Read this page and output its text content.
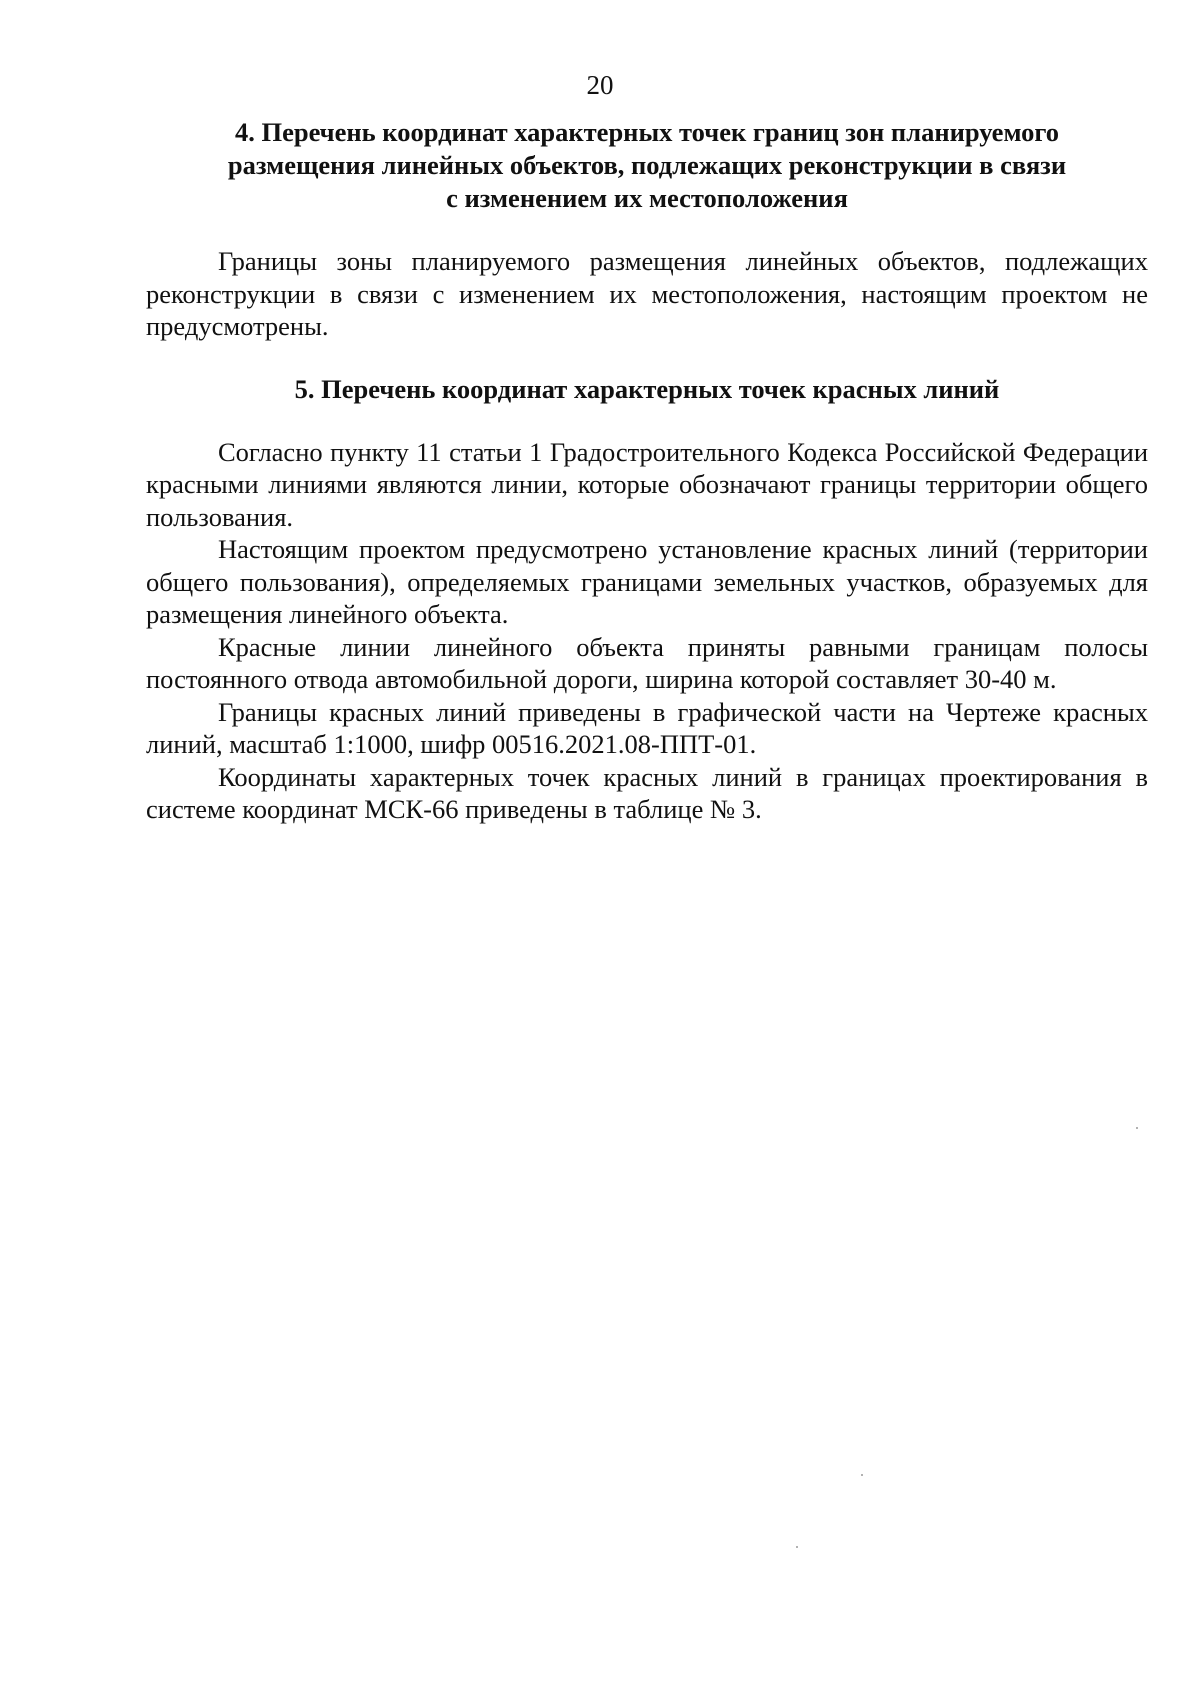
20
4. Перечень координат характерных точек границ зон планируемого
размещения линейных объектов, подлежащих реконструкции в связи
с изменением их местоположения

Границы зоны планируемого размещения линейных объектов, подлежащих реконструкции в связи с изменением их местоположения, настоящим проектом не предусмотрены.

5. Перечень координат характерных точек красных линий

Согласно пункту 11 статьи 1 Градостроительного Кодекса Российской Федерации красными линиями являются линии, которые обозначают границы территории общего пользования.

Настоящим проектом предусмотрено установление красных линий (территории общего пользования), определяемых границами земельных участков, образуемых для размещения линейного объекта.

Красные линии линейного объекта приняты равными границам полосы постоянного отвода автомобильной дороги, ширина которой составляет 30-40 м.

Границы красных линий приведены в графической части на Чертеже красных линий, масштаб 1:1000, шифр 00516.2021.08-ППТ-01.

Координаты характерных точек красных линий в границах проектирования в системе координат МСК-66 приведены в таблице № 3.
